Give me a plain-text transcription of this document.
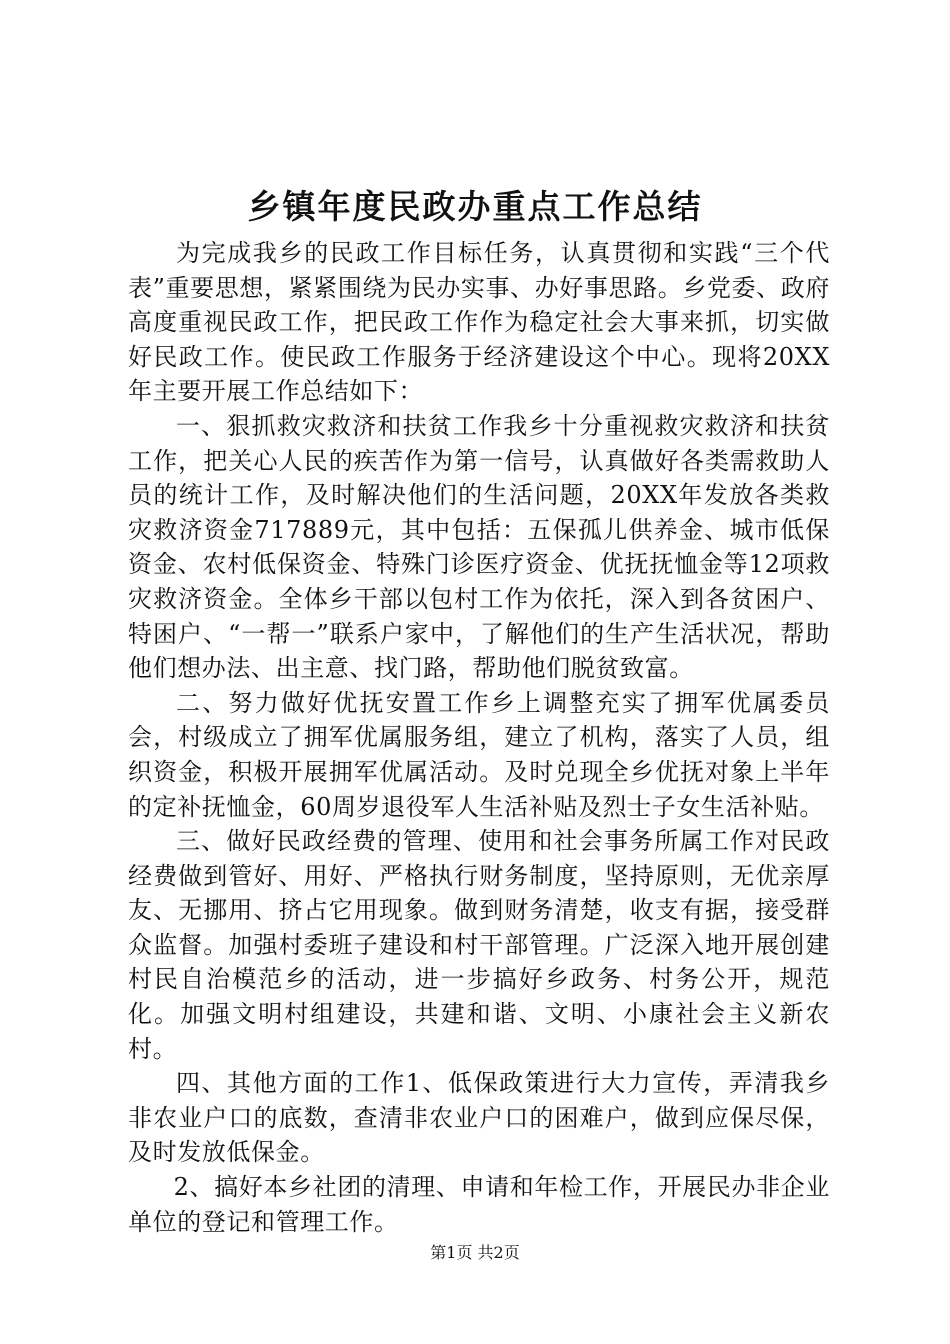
乡镇年度民政办重点工作总结

为完成我乡的民政工作目标任务，认真贯彻和实践“三个代表”重要思想，紧紧围绕为民办实事、办好事思路。乡党委、政府高度重视民政工作，把民政工作作为稳定社会大事来抓，切实做好民政工作。使民政工作服务于经济建设这个中心。现将20XX年主要开展工作总结如下：

一、狠抓救灾救济和扶贫工作我乡十分重视救灾救济和扶贫工作，把关心人民的疾苦作为第一信号，认真做好各类需救助人员的统计工作，及时解决他们的生活问题，20XX年发放各类救灾救济资金717889元，其中包括：五保孤儿供养金、城市低保资金、农村低保资金、特殊门诊医疗资金、优抚抚恤金等12项救灾救济资金。全体乡干部以包村工作为依托，深入到各贫困户、特困户、“一帮一”联系户家中，了解他们的生产生活状况，帮助他们想办法、出主意、找门路，帮助他们脱贫致富。

二、努力做好优抚安置工作乡上调整充实了拥军优属委员会，村级成立了拥军优属服务组，建立了机构，落实了人员，组织资金，积极开展拥军优属活动。及时兑现全乡优抚对象上半年的定补抚恤金，60周岁退役军人生活补贴及烈士子女生活补贴。

三、做好民政经费的管理、使用和社会事务所属工作对民政经费做到管好、用好、严格执行财务制度，坚持原则，无优亲厚友、无挪用、挤占它用现象。做到财务清楚，收支有据，接受群众监督。加强村委班子建设和村干部管理。广泛深入地开展创建村民自治模范乡的活动，进一步搞好乡政务、村务公开，规范化。加强文明村组建设，共建和谐、文明、小康社会主义新农村。

四、其他方面的工作1、低保政策进行大力宣传，弄清我乡非农业户口的底数，查清非农业户口的困难户，做到应保尽保，及时发放低保金。

2、搞好本乡社团的清理、申请和年检工作，开展民办非企业单位的登记和管理工作。

第1页 共2页
